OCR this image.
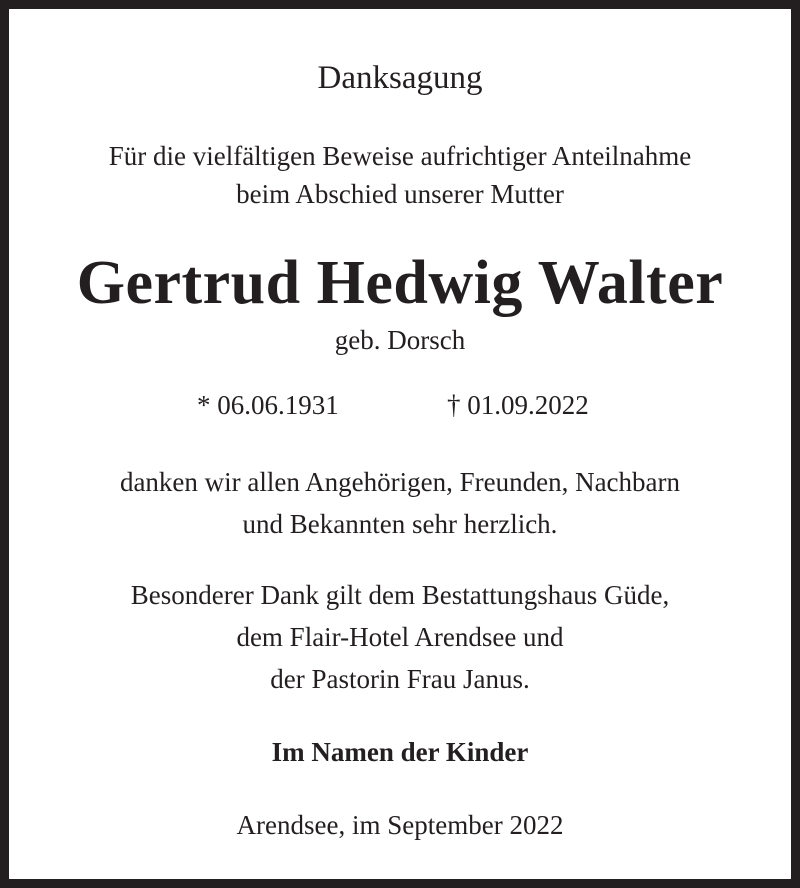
Danksagung
Für die vielfältigen Beweise aufrichtiger Anteilnahme
beim Abschied unserer Mutter
Gertrud Hedwig Walter
geb. Dorsch
* 06.06.1931	† 01.09.2022
danken wir allen Angehörigen, Freunden, Nachbarn
und Bekannten sehr herzlich.
Besonderer Dank gilt dem Bestattungshaus Güde,
dem Flair-Hotel Arendsee und
der Pastorin Frau Janus.
Im Namen der Kinder
Arendsee, im September 2022
